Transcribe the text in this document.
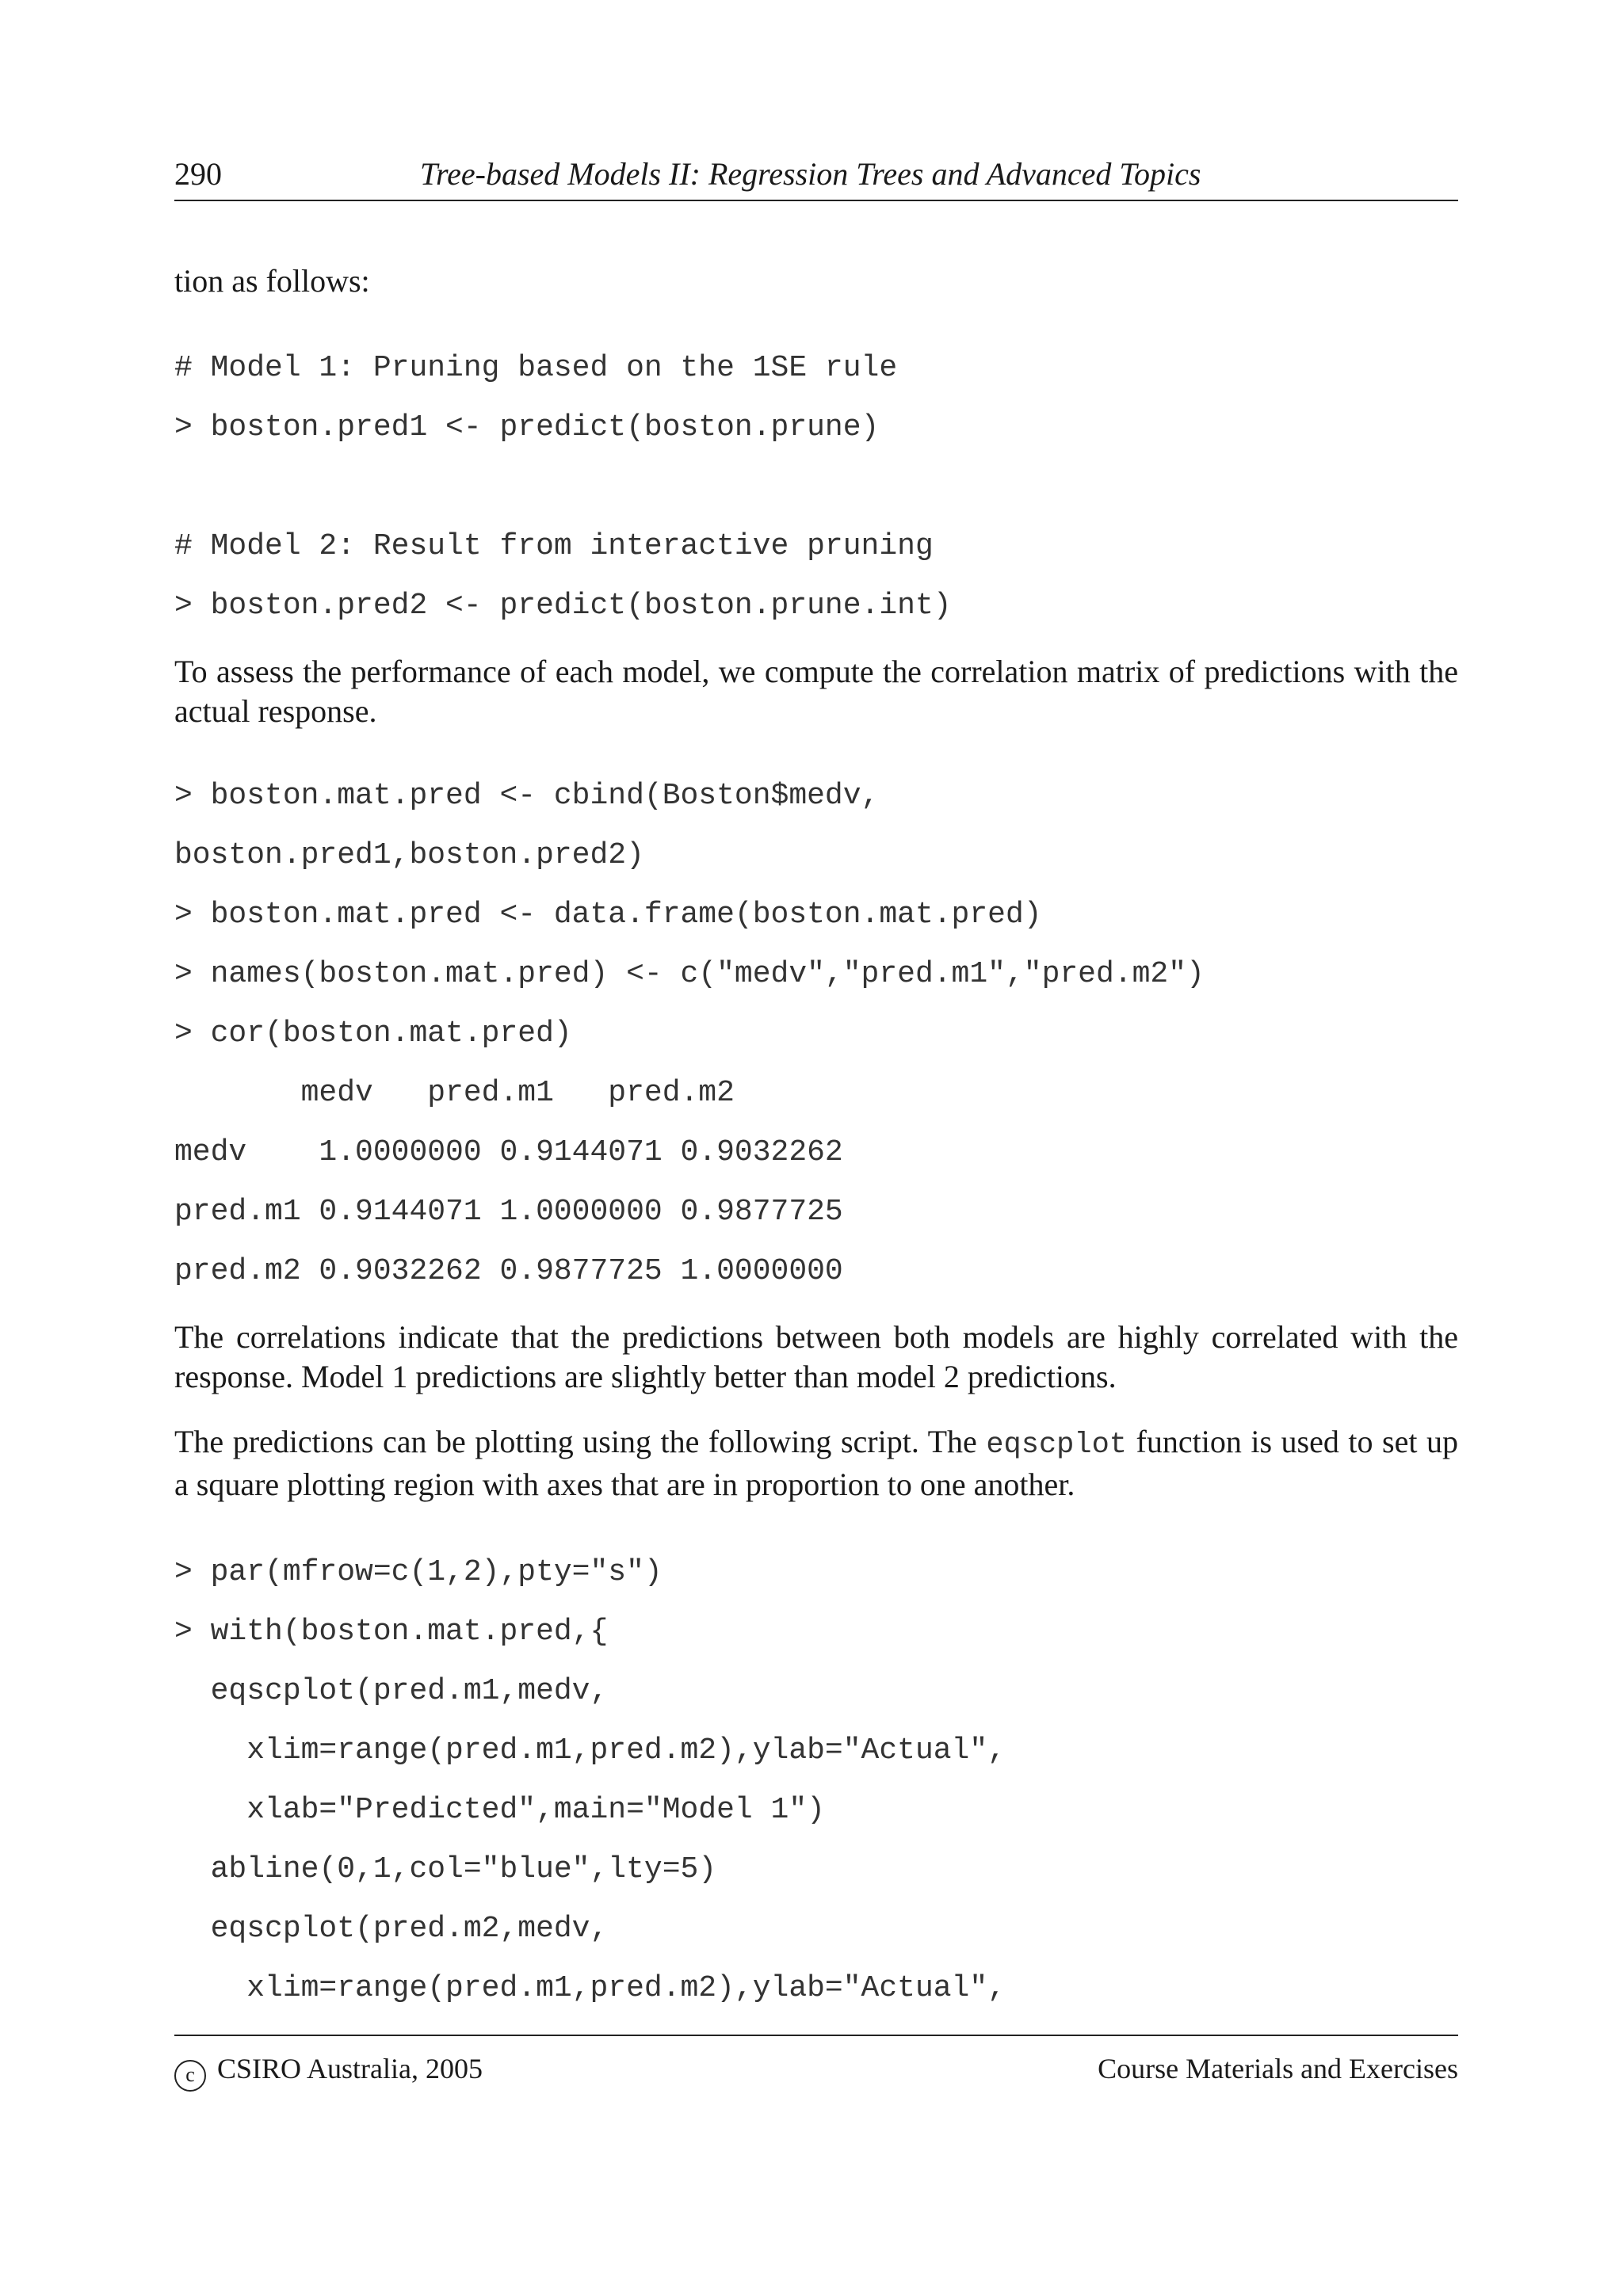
290	Tree-based Models II: Regression Trees and Advanced Topics
tion as follows:
# Model 1: Pruning based on the 1SE rule
> boston.pred1 <- predict(boston.prune)
# Model 2: Result from interactive pruning
> boston.pred2 <- predict(boston.prune.int)
To assess the performance of each model, we compute the correlation matrix of predictions with the actual response.
> boston.mat.pred <- cbind(Boston$medv,
boston.pred1,boston.pred2)
> boston.mat.pred <- data.frame(boston.mat.pred)
> names(boston.mat.pred) <- c("medv","pred.m1","pred.m2")
> cor(boston.mat.pred)
medv   pred.m1   pred.m2
medv    1.0000000 0.9144071 0.9032262
pred.m1 0.9144071 1.0000000 0.9877725
pred.m2 0.9032262 0.9877725 1.0000000
The correlations indicate that the predictions between both models are highly correlated with the response. Model 1 predictions are slightly better than model 2 predictions.
The predictions can be plotting using the following script. The eqscplot function is used to set up a square plotting region with axes that are in proportion to one another.
> par(mfrow=c(1,2),pty="s")
> with(boston.mat.pred,{
eqscplot(pred.m1,medv,
xlim=range(pred.m1,pred.m2),ylab="Actual",
xlab="Predicted",main="Model 1")
abline(0,1,col="blue",lty=5)
eqscplot(pred.m2,medv,
xlim=range(pred.m1,pred.m2),ylab="Actual",
c CSIRO Australia, 2005	Course Materials and Exercises
